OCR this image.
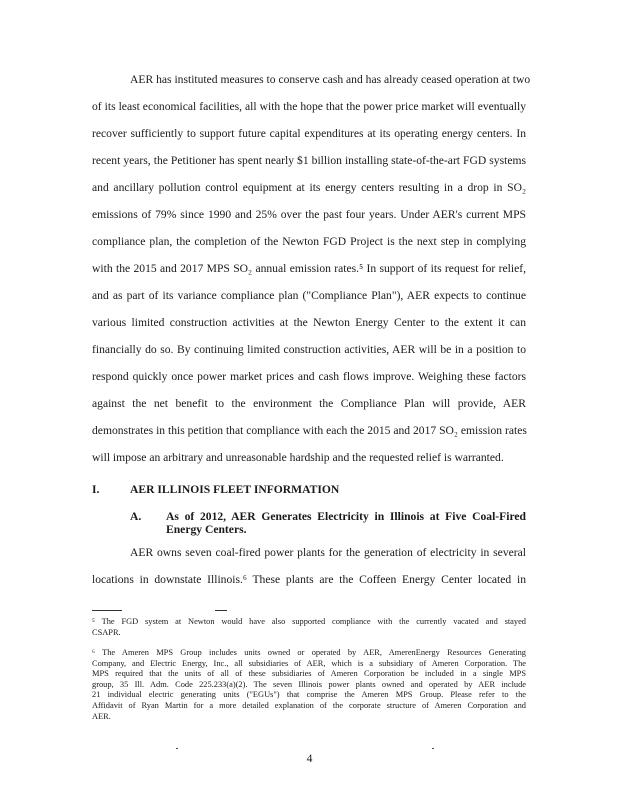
AER has instituted measures to conserve cash and has already ceased operation at two
of its least economical facilities, all with the hope that the power price market will eventually
recover sufficiently to support future capital expenditures at its operating energy centers. In
recent years, the Petitioner has spent nearly $1 billion installing state-of-the-art FGD systems
and ancillary pollution control equipment at its energy centers resulting in a drop in SO₂
emissions of 79% since 1990 and 25% over the past four years. Under AER's current MPS
compliance plan, the completion of the Newton FGD Project is the next step in complying
with the 2015 and 2017 MPS SO₂ annual emission rates.⁵ In support of its request for relief,
and as part of its variance compliance plan ("Compliance Plan"), AER expects to continue
various limited construction activities at the Newton Energy Center to the extent it can
financially do so. By continuing limited construction activities, AER will be in a position to
respond quickly once power market prices and cash flows improve. Weighing these factors
against the net benefit to the environment the Compliance Plan will provide, AER
demonstrates in this petition that compliance with each the 2015 and 2017 SO₂ emission rates
will impose an arbitrary and unreasonable hardship and the requested relief is warranted.
I.	AER ILLINOIS FLEET INFORMATION
A. As of 2012, AER Generates Electricity in Illinois at Five Coal-Fired
Energy Centers.
AER owns seven coal-fired power plants for the generation of electricity in several
locations in downstate Illinois.⁶ These plants are the Coffeen Energy Center located in
⁵ The FGD system at Newton would have also supported compliance with the currently vacated and stayed
CSAPR.
⁶ The Ameren MPS Group includes units owned or operated by AER, AmerenEnergy Resources Generating
Company, and Electric Energy, Inc., all subsidiaries of AER, which is a subsidiary of Ameren Corporation. The
MPS required that the units of all of these subsidiaries of Ameren Corporation be included in a single MPS
group, 35 Ill. Adm. Code 225.233(a)(2). The seven Illinois power plants owned and operated by AER include
21 individual electric generating units ("EGUs") that comprise the Ameren MPS Group. Please refer to the
Affidavit of Ryan Martin for a more detailed explanation of the corporate structure of Ameren Corporation and
AER.
4
